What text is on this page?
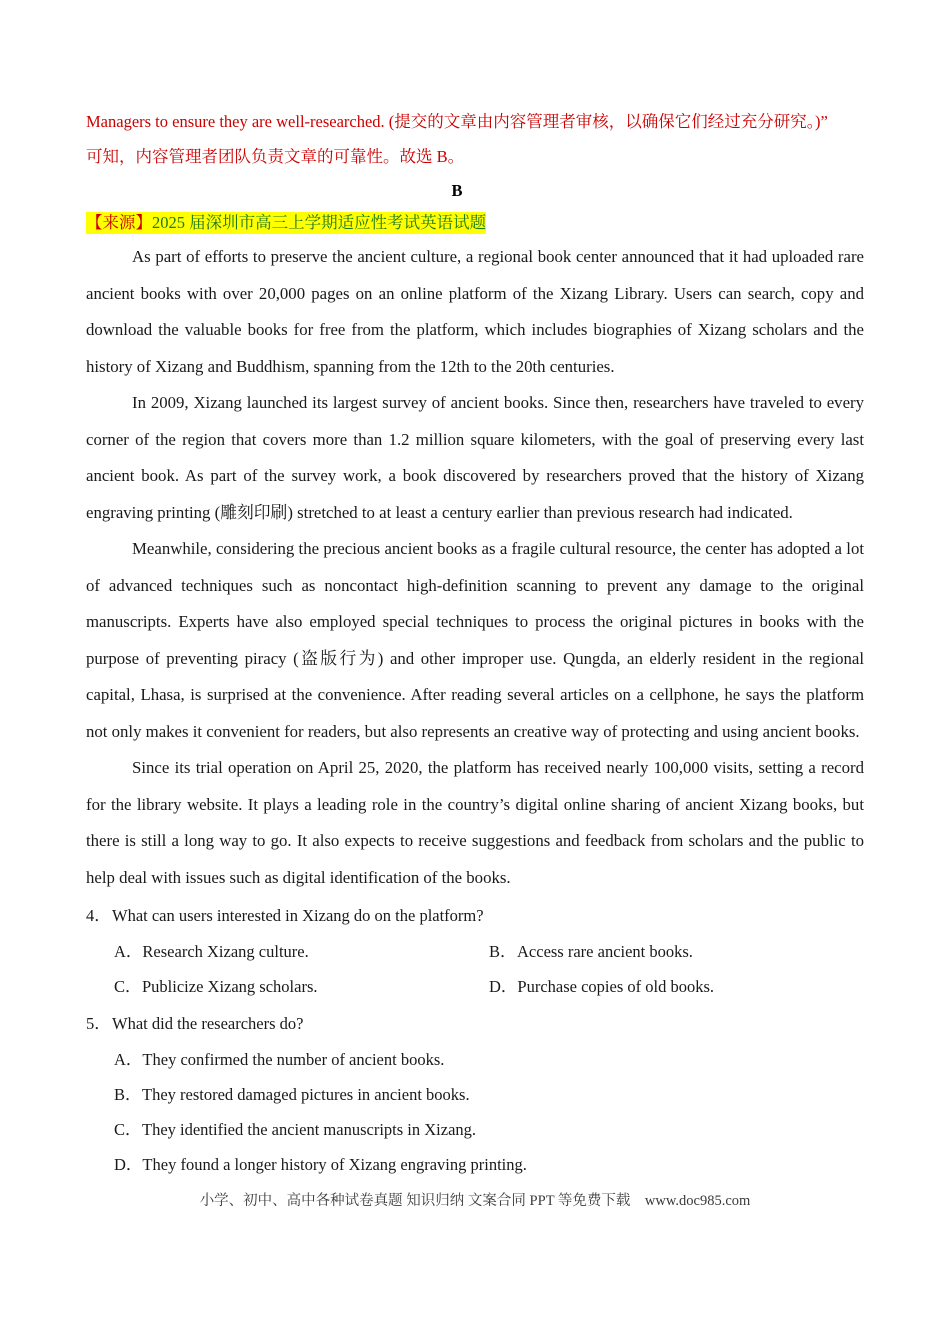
Managers to ensure they are well-researched. (提交的文章由内容管理者审核，以确保它们经过充分研究。)”
可知，内容管理者团队负责文章的可靠性。故选 B。

B

【来源】2025 届深圳市高三上学期适应性考试英语试题

As part of efforts to preserve the ancient culture, a regional book center announced that it had uploaded rare ancient books with over 20,000 pages on an online platform of the Xizang Library. Users can search, copy and download the valuable books for free from the platform, which includes biographies of Xizang scholars and the history of Xizang and Buddhism, spanning from the 12th to the 20th centuries.

In 2009, Xizang launched its largest survey of ancient books. Since then, researchers have traveled to every corner of the region that covers more than 1.2 million square kilometers, with the goal of preserving every last ancient book. As part of the survey work, a book discovered by researchers proved that the history of Xizang engraving printing (雕刻印刷) stretched to at least a century earlier than previous research had indicated.

Meanwhile, considering the precious ancient books as a fragile cultural resource, the center has adopted a lot of advanced techniques such as noncontact high-definition scanning to prevent any damage to the original manuscripts. Experts have also employed special techniques to process the original pictures in books with the purpose of preventing piracy (盗版行为) and other improper use. Qungda, an elderly resident in the regional capital, Lhasa, is surprised at the convenience. After reading several articles on a cellphone, he says the platform not only makes it convenient for readers, but also represents an creative way of protecting and using ancient books.

Since its trial operation on April 25, 2020, the platform has received nearly 100,000 visits, setting a record for the library website. It plays a leading role in the country’s digital online sharing of ancient Xizang books, but there is still a long way to go. It also expects to receive suggestions and feedback from scholars and the public to help deal with issues such as digital identification of the books.

4．What can users interested in Xizang do on the platform?

A．Research Xizang culture.	B．Access rare ancient books.
C．Publicize Xizang scholars.	D．Purchase copies of old books.

5．What did the researchers do?

A．They confirmed the number of ancient books.
B．They restored damaged pictures in ancient books.
C．They identified the ancient manuscripts in Xizang.
D．They found a longer history of Xizang engraving printing.
小学、初中、高中各种试卷真题 知识归纳 文案合同 PPT 等免费下载 www.doc985.com
